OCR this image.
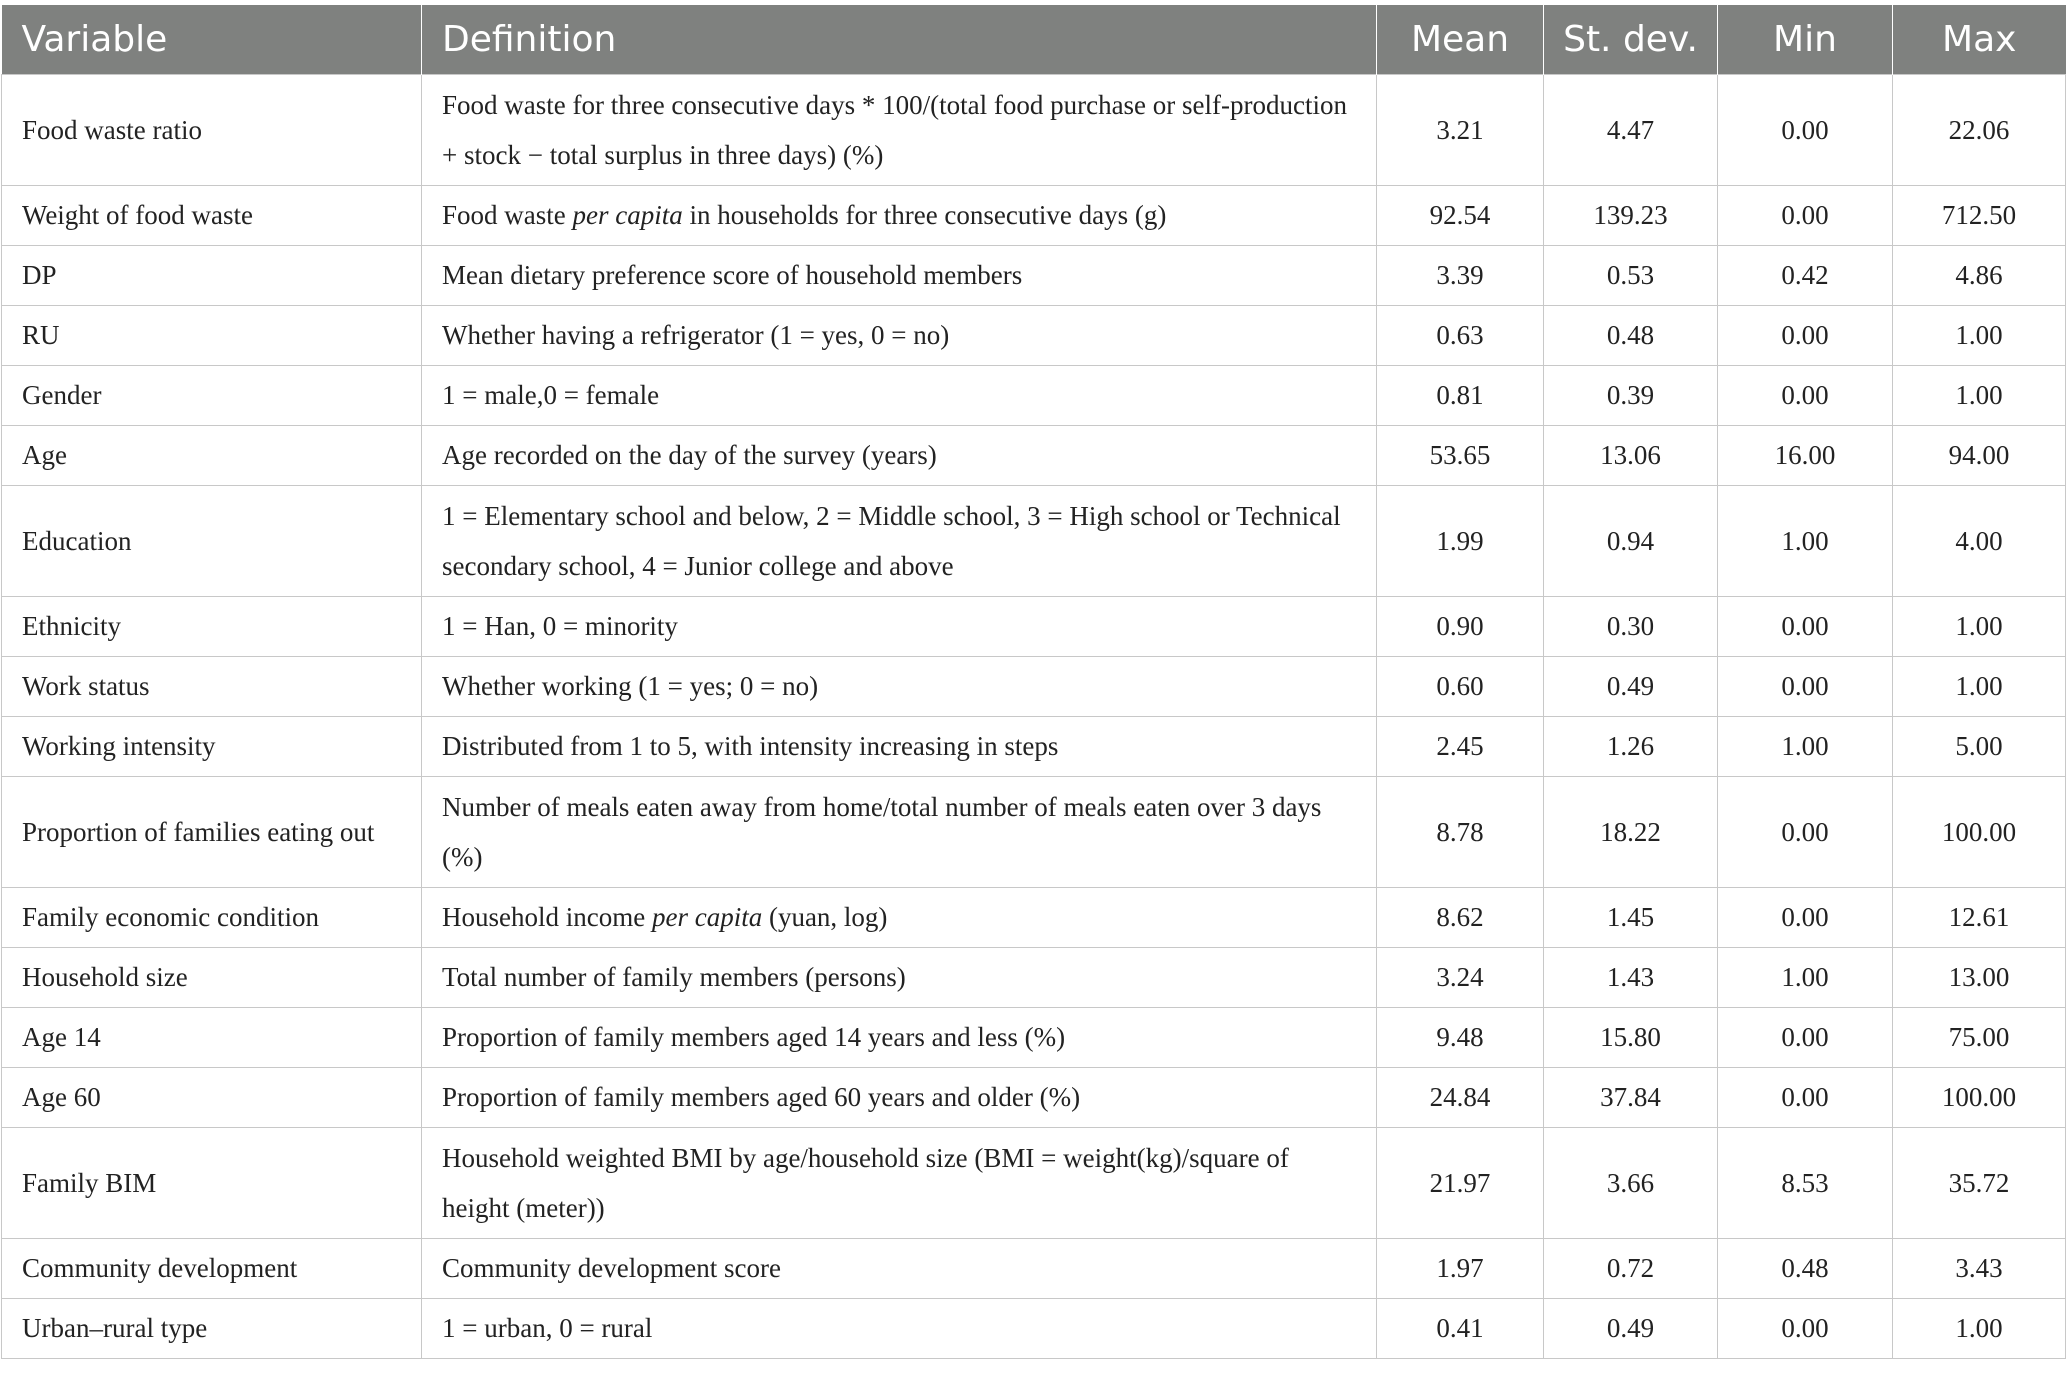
Variable	Definition	Mean	St. dev.	Min	Max
Food waste ratio	Food waste for three consecutive days * 100/(total food purchase or self-production + stock − total surplus in three days) (%)	3.21	4.47	0.00	22.06
Weight of food waste	Food waste per capita in households for three consecutive days (g)	92.54	139.23	0.00	712.50
DP	Mean dietary preference score of household members	3.39	0.53	0.42	4.86
RU	Whether having a refrigerator (1 = yes, 0 = no)	0.63	0.48	0.00	1.00
Gender	1 = male,0 = female	0.81	0.39	0.00	1.00
Age	Age recorded on the day of the survey (years)	53.65	13.06	16.00	94.00
Education	1 = Elementary school and below, 2 = Middle school, 3 = High school or Technical secondary school, 4 = Junior college and above	1.99	0.94	1.00	4.00
Ethnicity	1 = Han, 0 = minority	0.90	0.30	0.00	1.00
Work status	Whether working (1 = yes; 0 = no)	0.60	0.49	0.00	1.00
Working intensity	Distributed from 1 to 5, with intensity increasing in steps	2.45	1.26	1.00	5.00
Proportion of families eating out	Number of meals eaten away from home/total number of meals eaten over 3 days (%)	8.78	18.22	0.00	100.00
Family economic condition	Household income per capita (yuan, log)	8.62	1.45	0.00	12.61
Household size	Total number of family members (persons)	3.24	1.43	1.00	13.00
Age 14	Proportion of family members aged 14 years and less (%)	9.48	15.80	0.00	75.00
Age 60	Proportion of family members aged 60 years and older (%)	24.84	37.84	0.00	100.00
Family BIM	Household weighted BMI by age/household size (BMI = weight(kg)/square of height (meter))	21.97	3.66	8.53	35.72
Community development	Community development score	1.97	0.72	0.48	3.43
Urban–rural type	1 = urban, 0 = rural	0.41	0.49	0.00	1.00
